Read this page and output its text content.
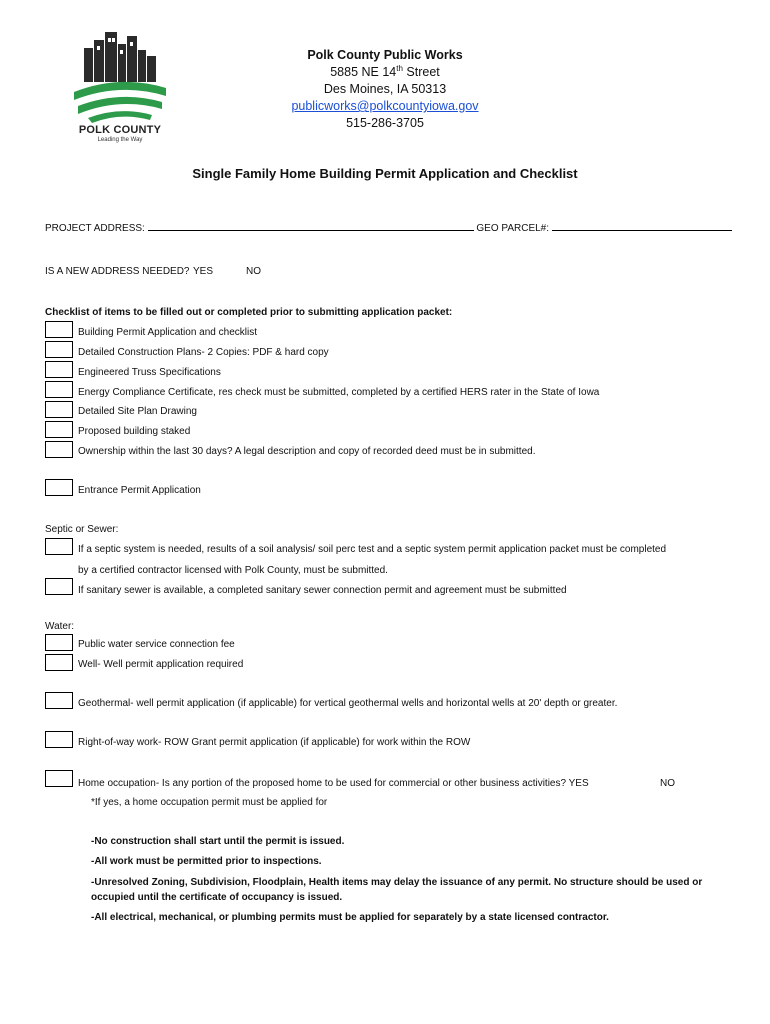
POLK COUNTY
Leading the Way
Polk County Public Works
5885 NE 14th Street
Des Moines, IA 50313
publicworks@polkcountyiowa.gov
515-286-3705
Single Family Home Building Permit Application and Checklist
PROJECT ADDRESS:	GEO PARCEL#:
IS A NEW ADDRESS NEEDED? YES	NO
Checklist of items to be filled out or completed prior to submitting application packet:
Building Permit Application and checklist
Detailed Construction Plans- 2 Copies: PDF & hard copy
Engineered Truss Specifications
Energy Compliance Certificate, res check must be submitted, completed by a certified HERS rater in the State of Iowa
Detailed Site Plan Drawing
Proposed building staked
Ownership within the last 30 days? A legal description and copy of recorded deed must be in submitted.
Entrance Permit Application
Septic or Sewer:
If a septic system is needed, results of a soil analysis/ soil perc test and a septic system permit application packet must be completed
by a certified contractor licensed with Polk County, must be submitted.
If sanitary sewer is available, a completed sanitary sewer connection permit and agreement must be submitted
Water:
Public water service connection fee
Well- Well permit application required
Geothermal- well permit application (if applicable) for vertical geothermal wells and horizontal wells at 20' depth or greater.
Right-of-way work- ROW Grant permit application (if applicable) for work within the ROW
Home occupation- Is any portion of the proposed home to be used for commercial or other business activities? YES	NO
*If yes, a home occupation permit must be applied for
-No construction shall start until the permit is issued.
-All work must be permitted prior to inspections.
-Unresolved Zoning, Subdivision, Floodplain, Health items may delay the issuance of any permit. No structure should be used or
occupied until the certificate of occupancy is issued.
-All electrical, mechanical, or plumbing permits must be applied for separately by a state licensed contractor.
